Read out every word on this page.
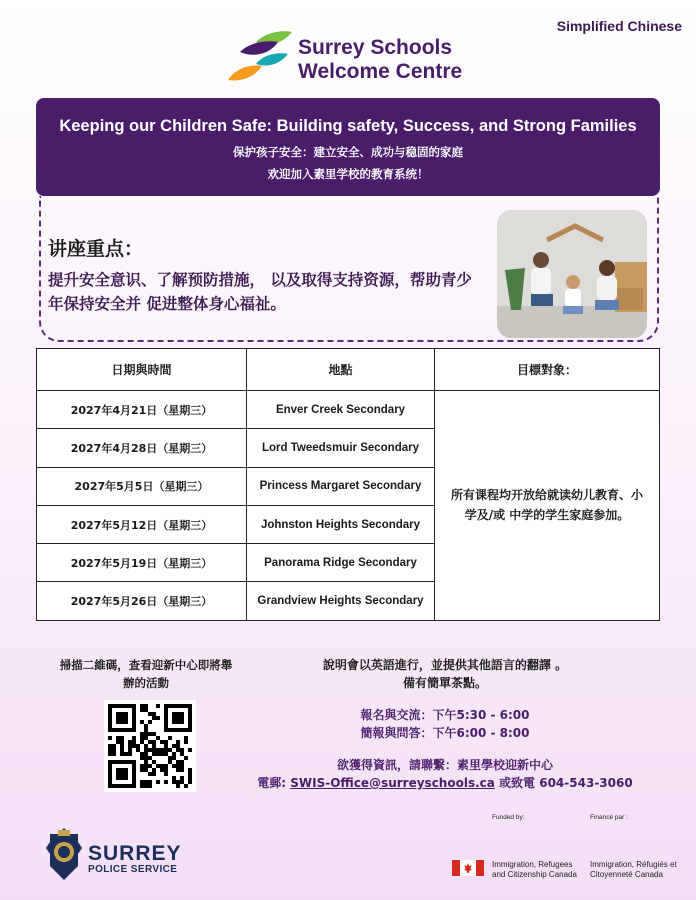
Simplified Chinese
Surrey Schools
Welcome Centre
Keeping our Children Safe: Building safety, Success, and Strong Families
保护孩子安全：建立安全、成功与稳固的家庭
欢迎加入素里学校的教育系统！
讲座重点：
提升安全意识、了解预防措施， 以及取得支持资源，帮助青少年保持安全并 促进整体身心福祉。
日期與時間	地點	目標對象：
2027年4月21日（星期三）	Enver Creek Secondary	所有课程均开放给就读幼儿教育、小学及/或 中学的学生家庭参加。
2027年4月28日（星期三）	Lord Tweedsmuir Secondary	
2027年5月5日（星期三）	Princess Margaret Secondary	
2027年5月12日（星期三）	Johnston Heights Secondary	
2027年5月19日（星期三）	Panorama Ridge Secondary	
2027年5月26日（星期三）	Grandview Heights Secondary	
掃描二維碼，查看迎新中心即將舉辦的活動
說明會以英語進行，並提供其他語言的翻譯 。
備有簡單茶點。
報名與交流：下午5:30 - 6:00
簡報與問答：下午6:00 - 8:00
欲獲得資訊，請聯繫：素里學校迎新中心
電郵: SWIS-Office@surreyschools.ca 或致電 604-543-3060
SURREY
POLICE SERVICE
Funded by:	Financé par :
Immigration, Refugees and Citizenship Canada
Immigration, Réfugiés et Citoyenneté Canada
